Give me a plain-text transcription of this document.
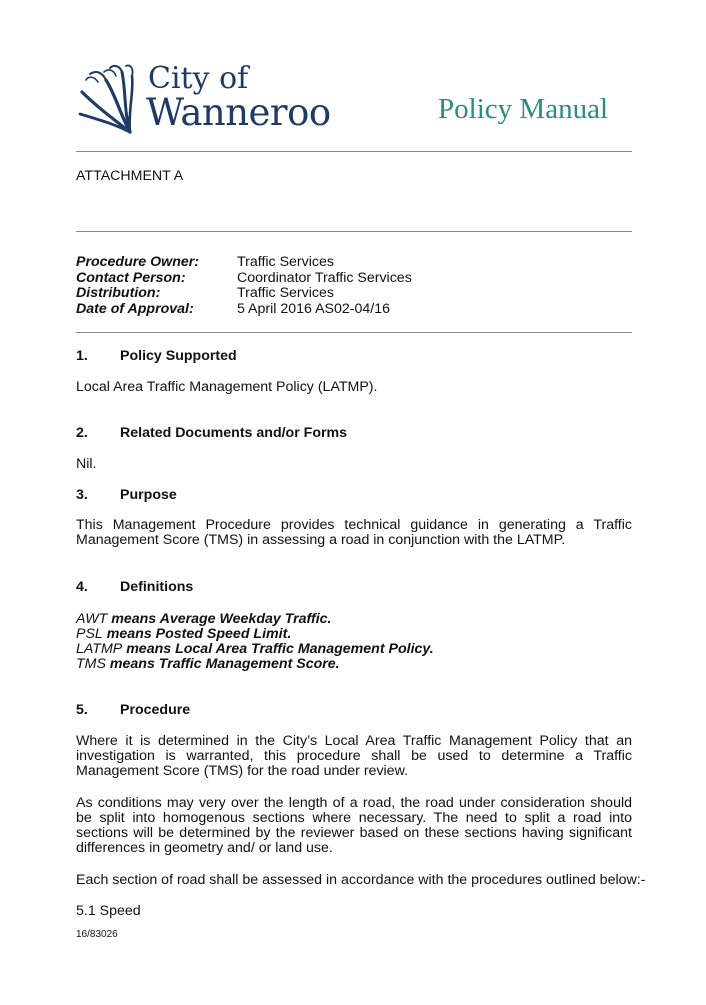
City of
Wanneroo	Policy Manual
ATTACHMENT A
Procedure Owner:	Traffic Services
Contact Person:	Coordinator Traffic Services
Distribution:	Traffic Services
Date of Approval:	5 April 2016 AS02-04/16
1. Policy Supported
Local Area Traffic Management Policy (LATMP).
2. Related Documents and/or Forms
Nil.
3. Purpose
This Management Procedure provides technical guidance in generating a Traffic Management Score (TMS) in assessing a road in conjunction with the LATMP.
4. Definitions
AWT means Average Weekday Traffic.
PSL means Posted Speed Limit.
LATMP means Local Area Traffic Management Policy.
TMS means Traffic Management Score.
5. Procedure
Where it is determined in the City’s Local Area Traffic Management Policy that an investigation is warranted, this procedure shall be used to determine a Traffic Management Score (TMS) for the road under review.
As conditions may very over the length of a road, the road under consideration should be split into homogenous sections where necessary. The need to split a road into sections will be determined by the reviewer based on these sections having significant differences in geometry and/ or land use.
Each section of road shall be assessed in accordance with the procedures outlined below:-
5.1 Speed
16/83026
